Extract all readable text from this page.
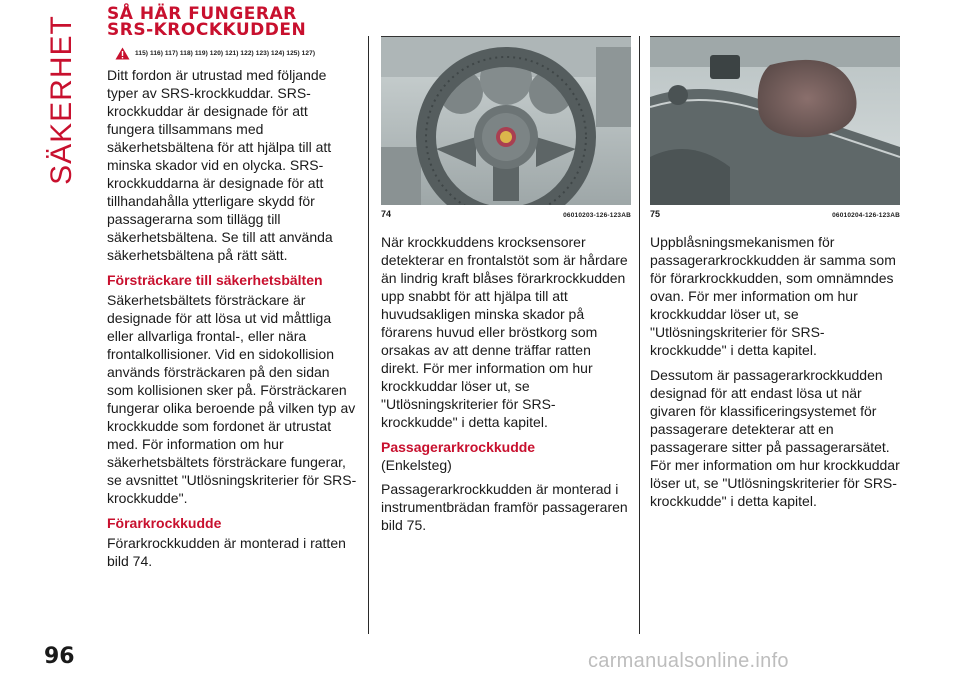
SÄKERHET
SÅ HÄR FUNGERAR
SRS-KROCKKUDDEN
115) 116) 117) 118) 119) 120) 121) 122) 123) 124) 125) 127)

Ditt fordon är utrustad med följande typer av SRS-krockkuddar. SRS-krockkuddar är designade för att fungera tillsammans med säkerhetsbältena för att hjälpa till att minska skador vid en olycka. SRS-krockkuddarna är designade för att tillhandahålla ytterligare skydd för passagerarna som tillägg till säkerhetsbältena. Se till att använda säkerhetsbältena på rätt sätt.

Försträckare till säkerhetsbälten

Säkerhetsbältets försträckare är designade för att lösa ut vid måttliga eller allvarliga frontal-, eller nära frontalkollisioner. Vid en sidokollision används försträckaren på den sidan som kollisionen sker på. Försträckaren fungerar olika beroende på vilken typ av krockkudde som fordonet är utrustat med. För information om hur säkerhetsbältets försträckare fungerar, se avsnittet "Utlösningskriterier för SRS-krockkudde".

Förarkrockkudde

Förarkrockkudden är monterad i ratten bild 74.

74	06010203-126-123AB

När krockkuddens krocksensorer detekterar en frontalstöt som är hårdare än lindrig kraft blåses förarkrockkudden upp snabbt för att hjälpa till att huvudsakligen minska skador på förarens huvud eller bröstkorg som orsakas av att denne träffar ratten direkt. För mer information om hur krockkuddar löser ut, se "Utlösningskriterier för SRS-krockkudde" i detta kapitel.

Passagerarkrockkudde

(Enkelsteg)

Passagerarkrockkudden är monterad i instrumentbrädan framför passageraren bild 75.

75	06010204-126-123AB

Uppblåsningsmekanismen för passagerarkrockkudden är samma som för förarkrockkudden, som omnämndes ovan. För mer information om hur krockkuddar löser ut, se "Utlösningskriterier för SRS-krockkudde" i detta kapitel.

Dessutom är passagerarkrockkudden designad för att endast lösa ut när givaren för klassificeringsystemet för passagerare detekterar att en passagerare sitter på passagerarsätet. För mer information om hur krockkuddar löser ut, se "Utlösningskriterier för SRS-krockkudde" i detta kapitel.

96	carmanualsonline.info
